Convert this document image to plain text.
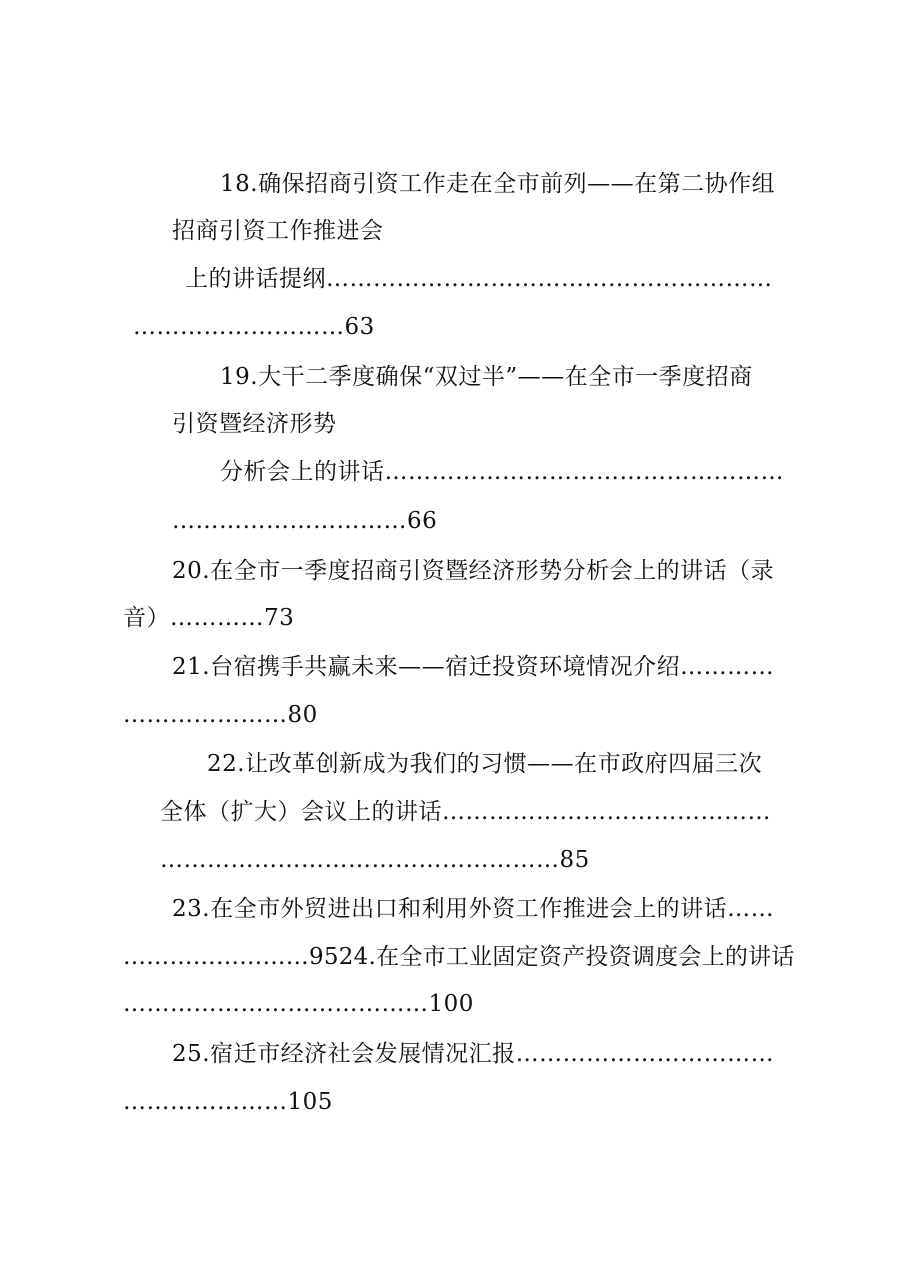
18.确保招商引资工作走在全市前列——在第二协作组
招商引资工作推进会
上的讲话提纲…………………………………………………
………………………63
19.大干二季度确保“双过半”——在全市一季度招商
引资暨经济形势
分析会上的讲话……………………………………………
…………………………66
20.在全市一季度招商引资暨经济形势分析会上的讲话（录
音）…………73
21.台宿携手共赢未来——宿迁投资环境情况介绍…………
…………………80
22.让改革创新成为我们的习惯——在市政府四届三次
全体（扩大）会议上的讲话……………………………………
……………………………………………85
23.在全市外贸进出口和利用外资工作推进会上的讲话……
……………………9524.在全市工业固定资产投资调度会上的讲话
…………………………………100
25.宿迁市经济社会发展情况汇报……………………………
…………………105
